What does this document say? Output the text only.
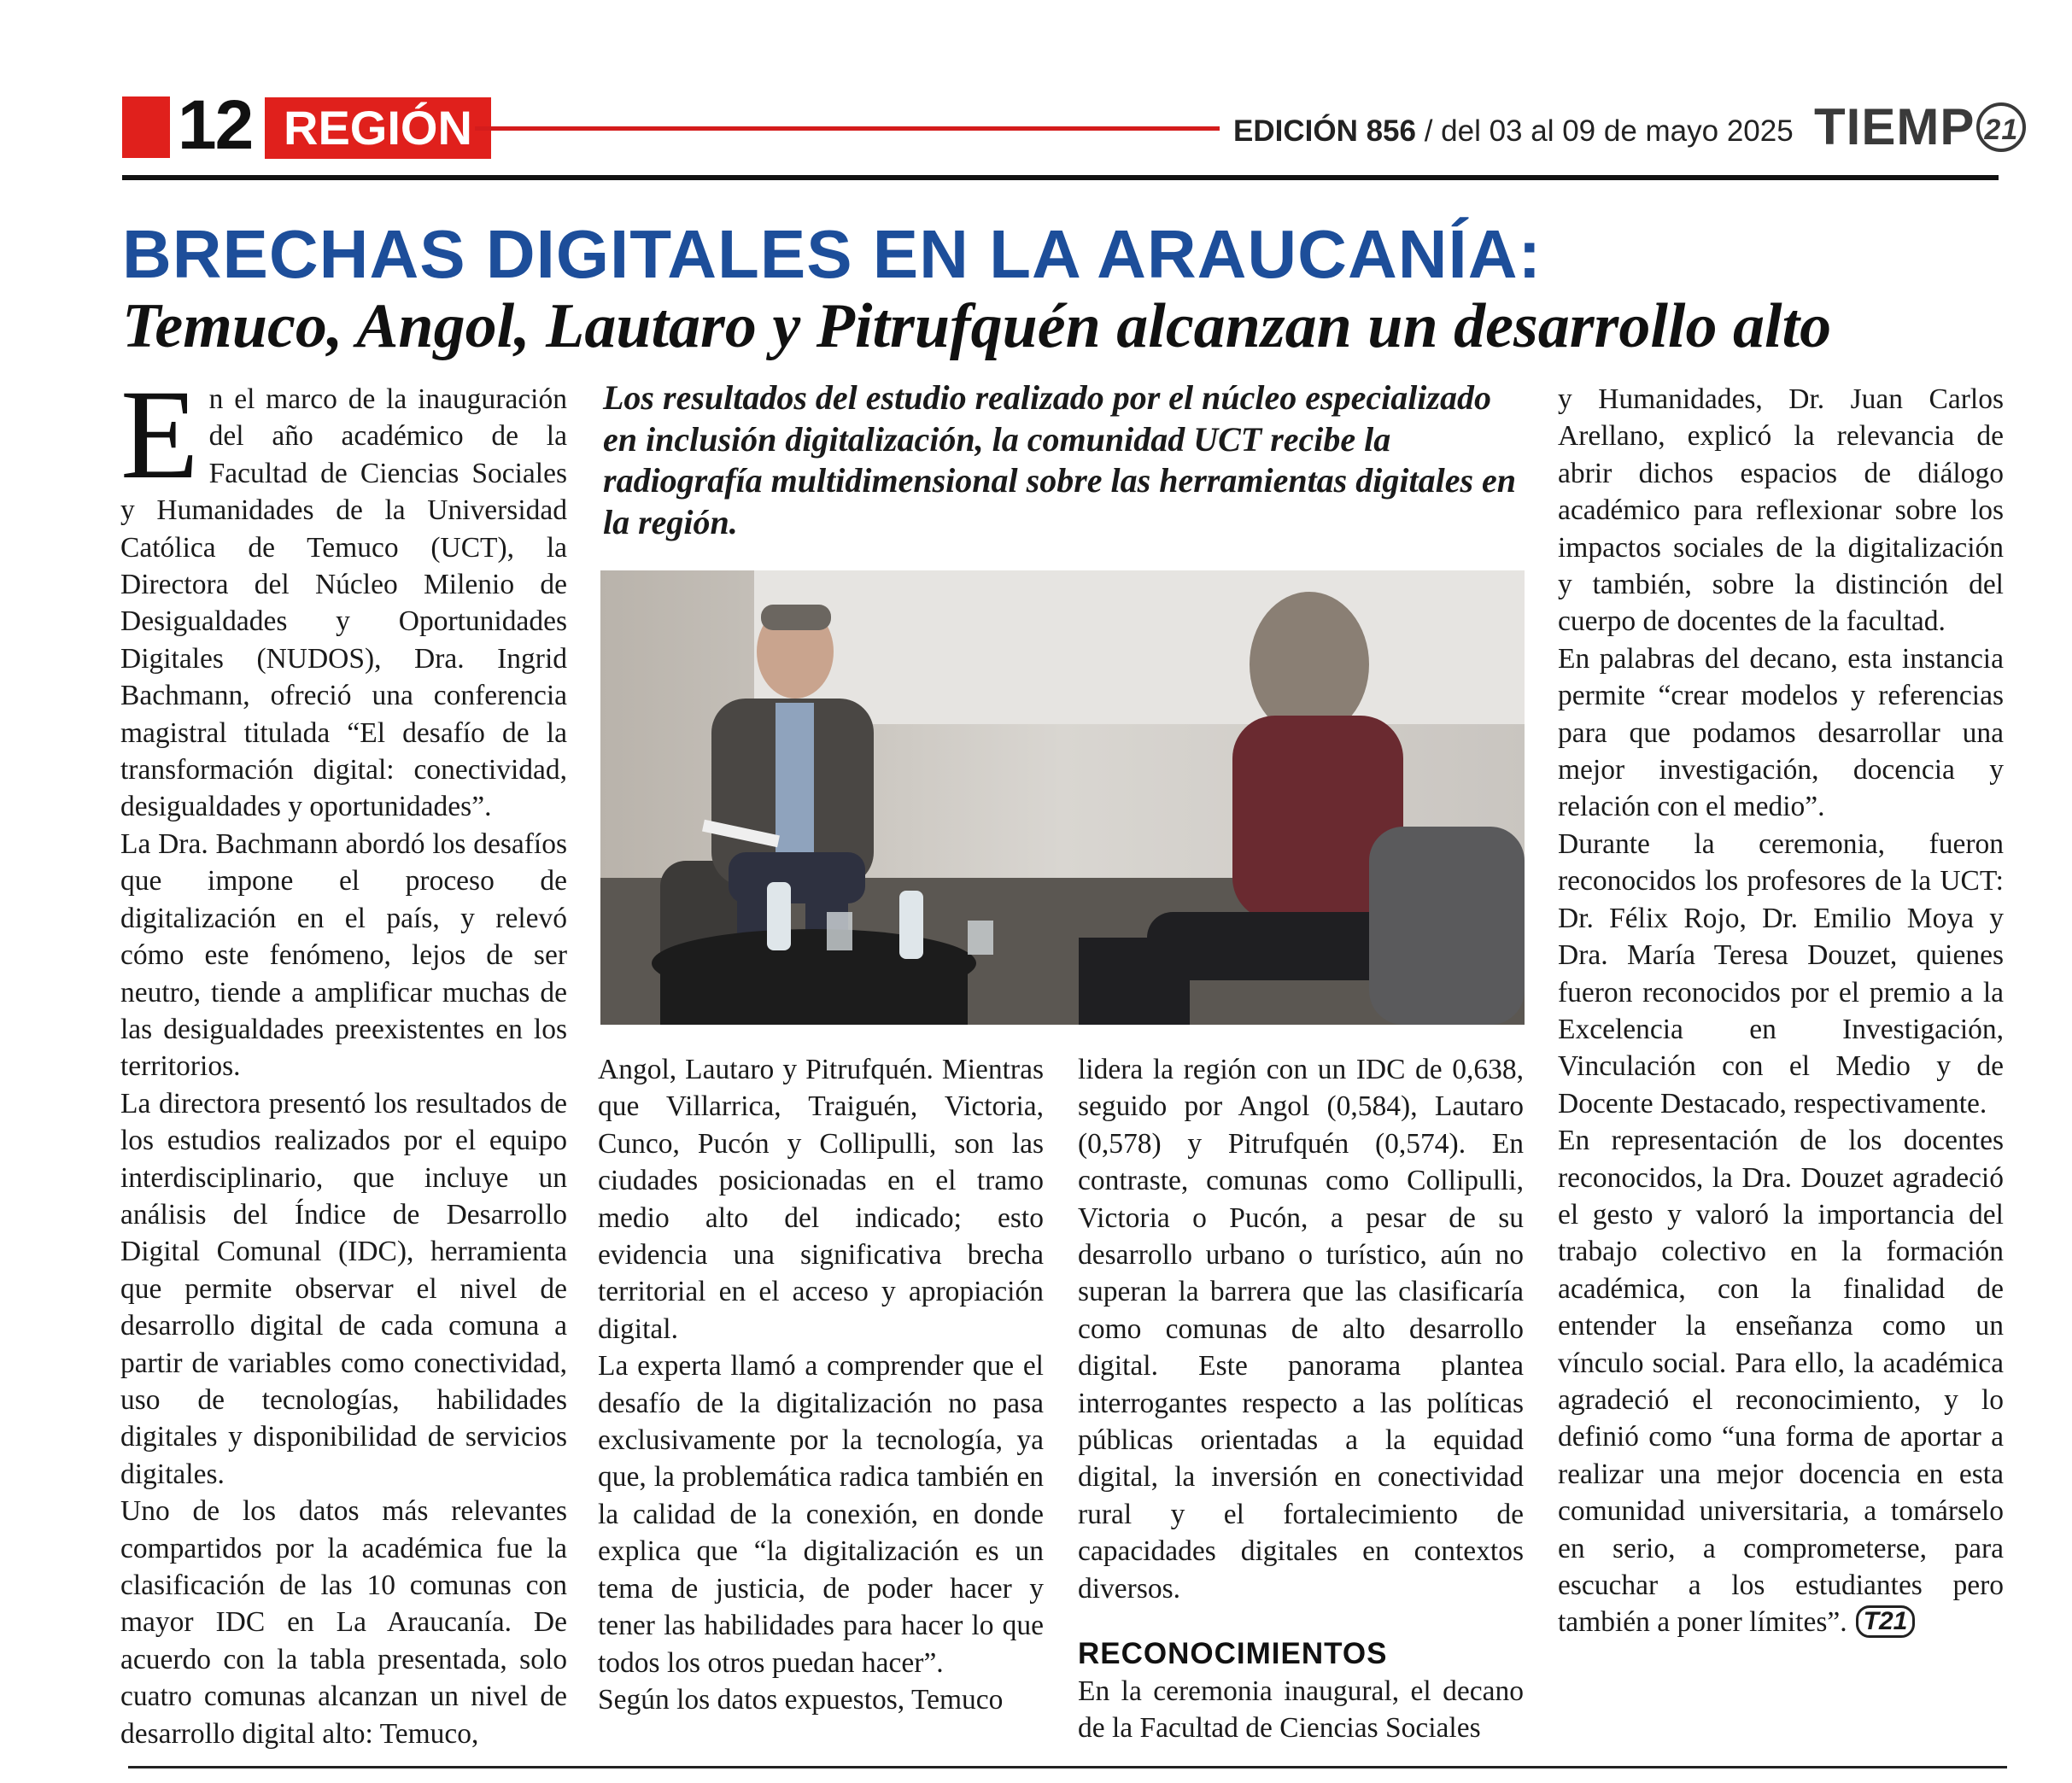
12 REGIÓN	EDICIÓN 856 / del 03 al 09 de mayo 2025 TIEMP 21
BRECHAS DIGITALES EN LA ARAUCANÍA:
Temuco, Angol, Lautaro y Pitrufquén alcanzan un desarrollo alto

En el marco de la inauguración del año académico de la Facultad de Ciencias Sociales y Humanidades de la Universidad Católica de Temuco (UCT), la Directora del Núcleo Milenio de Desigualdades y Oportunidades Digitales (NUDOS), Dra. Ingrid Bachmann, ofreció una conferencia magistral titulada “El desafío de la transformación digital: conectividad, desigualdades y oportunidades”.

La Dra. Bachmann abordó los desafíos que impone el proceso de digitalización en el país, y relevó cómo este fenómeno, lejos de ser neutro, tiende a amplificar muchas de las desigualdades preexistentes en los territorios.

La directora presentó los resultados de los estudios realizados por el equipo interdisciplinario, que incluye un análisis del Índice de Desarrollo Digital Comunal (IDC), herramienta que permite observar el nivel de desarrollo digital de cada comuna a partir de variables como conectividad, uso de tecnologías, habilidades digitales y disponibilidad de servicios digitales.

Uno de los datos más relevantes compartidos por la académica fue la clasificación de las 10 comunas con mayor IDC en La Araucanía. De acuerdo con la tabla presentada, solo cuatro comunas alcanzan un nivel de desarrollo digital alto: Temuco,

Los resultados del estudio realizado por el núcleo especializado en inclusión digitalización, la comunidad UCT recibe la radiografía multidimensional sobre las herramientas digitales en la región.

Angol, Lautaro y Pitrufquén. Mientras que Villarrica, Traiguén, Victoria, Cunco, Pucón y Collipulli, son las ciudades posicionadas en el tramo medio alto del indicado; esto evidencia una significativa brecha territorial en el acceso y apropiación digital.

La experta llamó a comprender que el desafío de la digitalización no pasa exclusivamente por la tecnología, ya que, la problemática radica también en la calidad de la conexión, en donde explica que “la digitalización es un tema de justicia, de poder hacer y tener las habilidades para hacer lo que todos los otros puedan hacer”.

Según los datos expuestos, Temuco

lidera la región con un IDC de 0,638, seguido por Angol (0,584), Lautaro (0,578) y Pitrufquén (0,574). En contraste, comunas como Collipulli, Victoria o Pucón, a pesar de su desarrollo urbano o turístico, aún no superan la barrera que las clasificaría como comunas de alto desarrollo digital. Este panorama plantea interrogantes respecto a las políticas públicas orientadas a la equidad digital, la inversión en conectividad rural y el fortalecimiento de capacidades digitales en contextos diversos.

RECONOCIMIENTOS

En la ceremonia inaugural, el decano de la Facultad de Ciencias Sociales

y Humanidades, Dr. Juan Carlos Arellano, explicó la relevancia de abrir dichos espacios de diálogo académico para reflexionar sobre los impactos sociales de la digitalización y también, sobre la distinción del cuerpo de docentes de la facultad.

En palabras del decano, esta instancia permite “crear modelos y referencias para que podamos desarrollar una mejor investigación, docencia y relación con el medio”.

Durante la ceremonia, fueron reconocidos los profesores de la UCT: Dr. Félix Rojo, Dr. Emilio Moya y Dra. María Teresa Douzet, quienes fueron reconocidos por el premio a la Excelencia en Investigación, Vinculación con el Medio y de Docente Destacado, respectivamente.

En representación de los docentes reconocidos, la Dra. Douzet agradeció el gesto y valoró la importancia del trabajo colectivo en la formación académica, con la finalidad de entender la enseñanza como un vínculo social. Para ello, la académica agradeció el reconocimiento, y lo definió como “una forma de aportar a realizar una mejor docencia en esta comunidad universitaria, a tomárselo en serio, a comprometerse, para escuchar a los estudiantes pero también a poner límites”. T21
